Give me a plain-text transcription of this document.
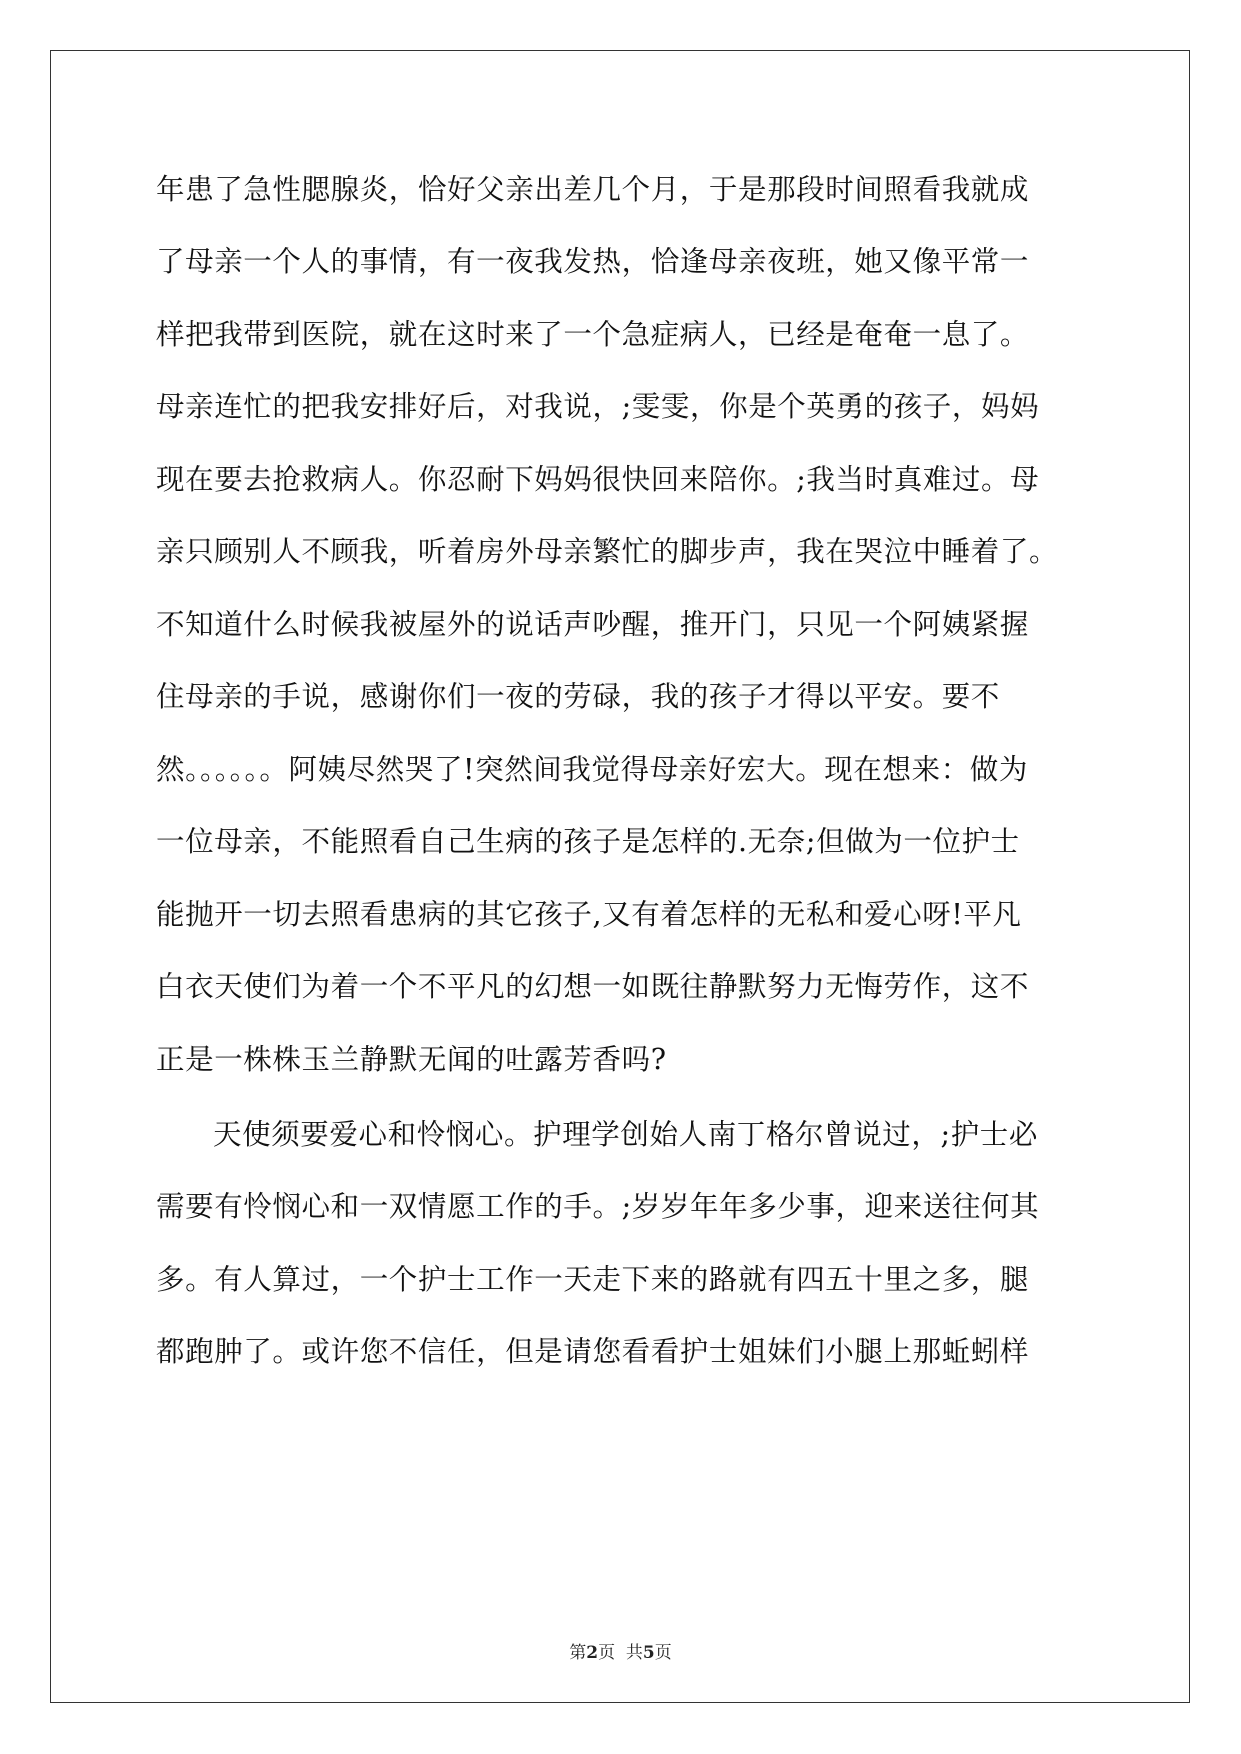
年患了急性腮腺炎，恰好父亲出差几个月，于是那段时间照看我就成
了母亲一个人的事情，有一夜我发热，恰逢母亲夜班，她又像平常一
样把我带到医院，就在这时来了一个急症病人，已经是奄奄一息了。
母亲连忙的把我安排好后，对我说，;雯雯，你是个英勇的孩子，妈妈
现在要去抢救病人。你忍耐下妈妈很快回来陪你。;我当时真难过。母
亲只顾别人不顾我，听着房外母亲繁忙的脚步声，我在哭泣中睡着了。
不知道什么时候我被屋外的说话声吵醒，推开门，只见一个阿姨紧握
住母亲的手说，感谢你们一夜的劳碌，我的孩子才得以平安。要不
然。。。。。。阿姨尽然哭了!突然间我觉得母亲好宏大。现在想来：做为
一位母亲，不能照看自己生病的孩子是怎样的.无奈;但做为一位护士
能抛开一切去照看患病的其它孩子,又有着怎样的无私和爱心呀!平凡
白衣天使们为着一个不平凡的幻想一如既往静默努力无悔劳作，这不
正是一株株玉兰静默无闻的吐露芳香吗?
天使须要爱心和怜悯心。护理学创始人南丁格尔曾说过，;护士必
需要有怜悯心和一双情愿工作的手。;岁岁年年多少事，迎来送往何其
多。有人算过，一个护士工作一天走下来的路就有四五十里之多，腿
都跑肿了。或许您不信任，但是请您看看护士姐妹们小腿上那蚯蚓样
第2页  共5页
